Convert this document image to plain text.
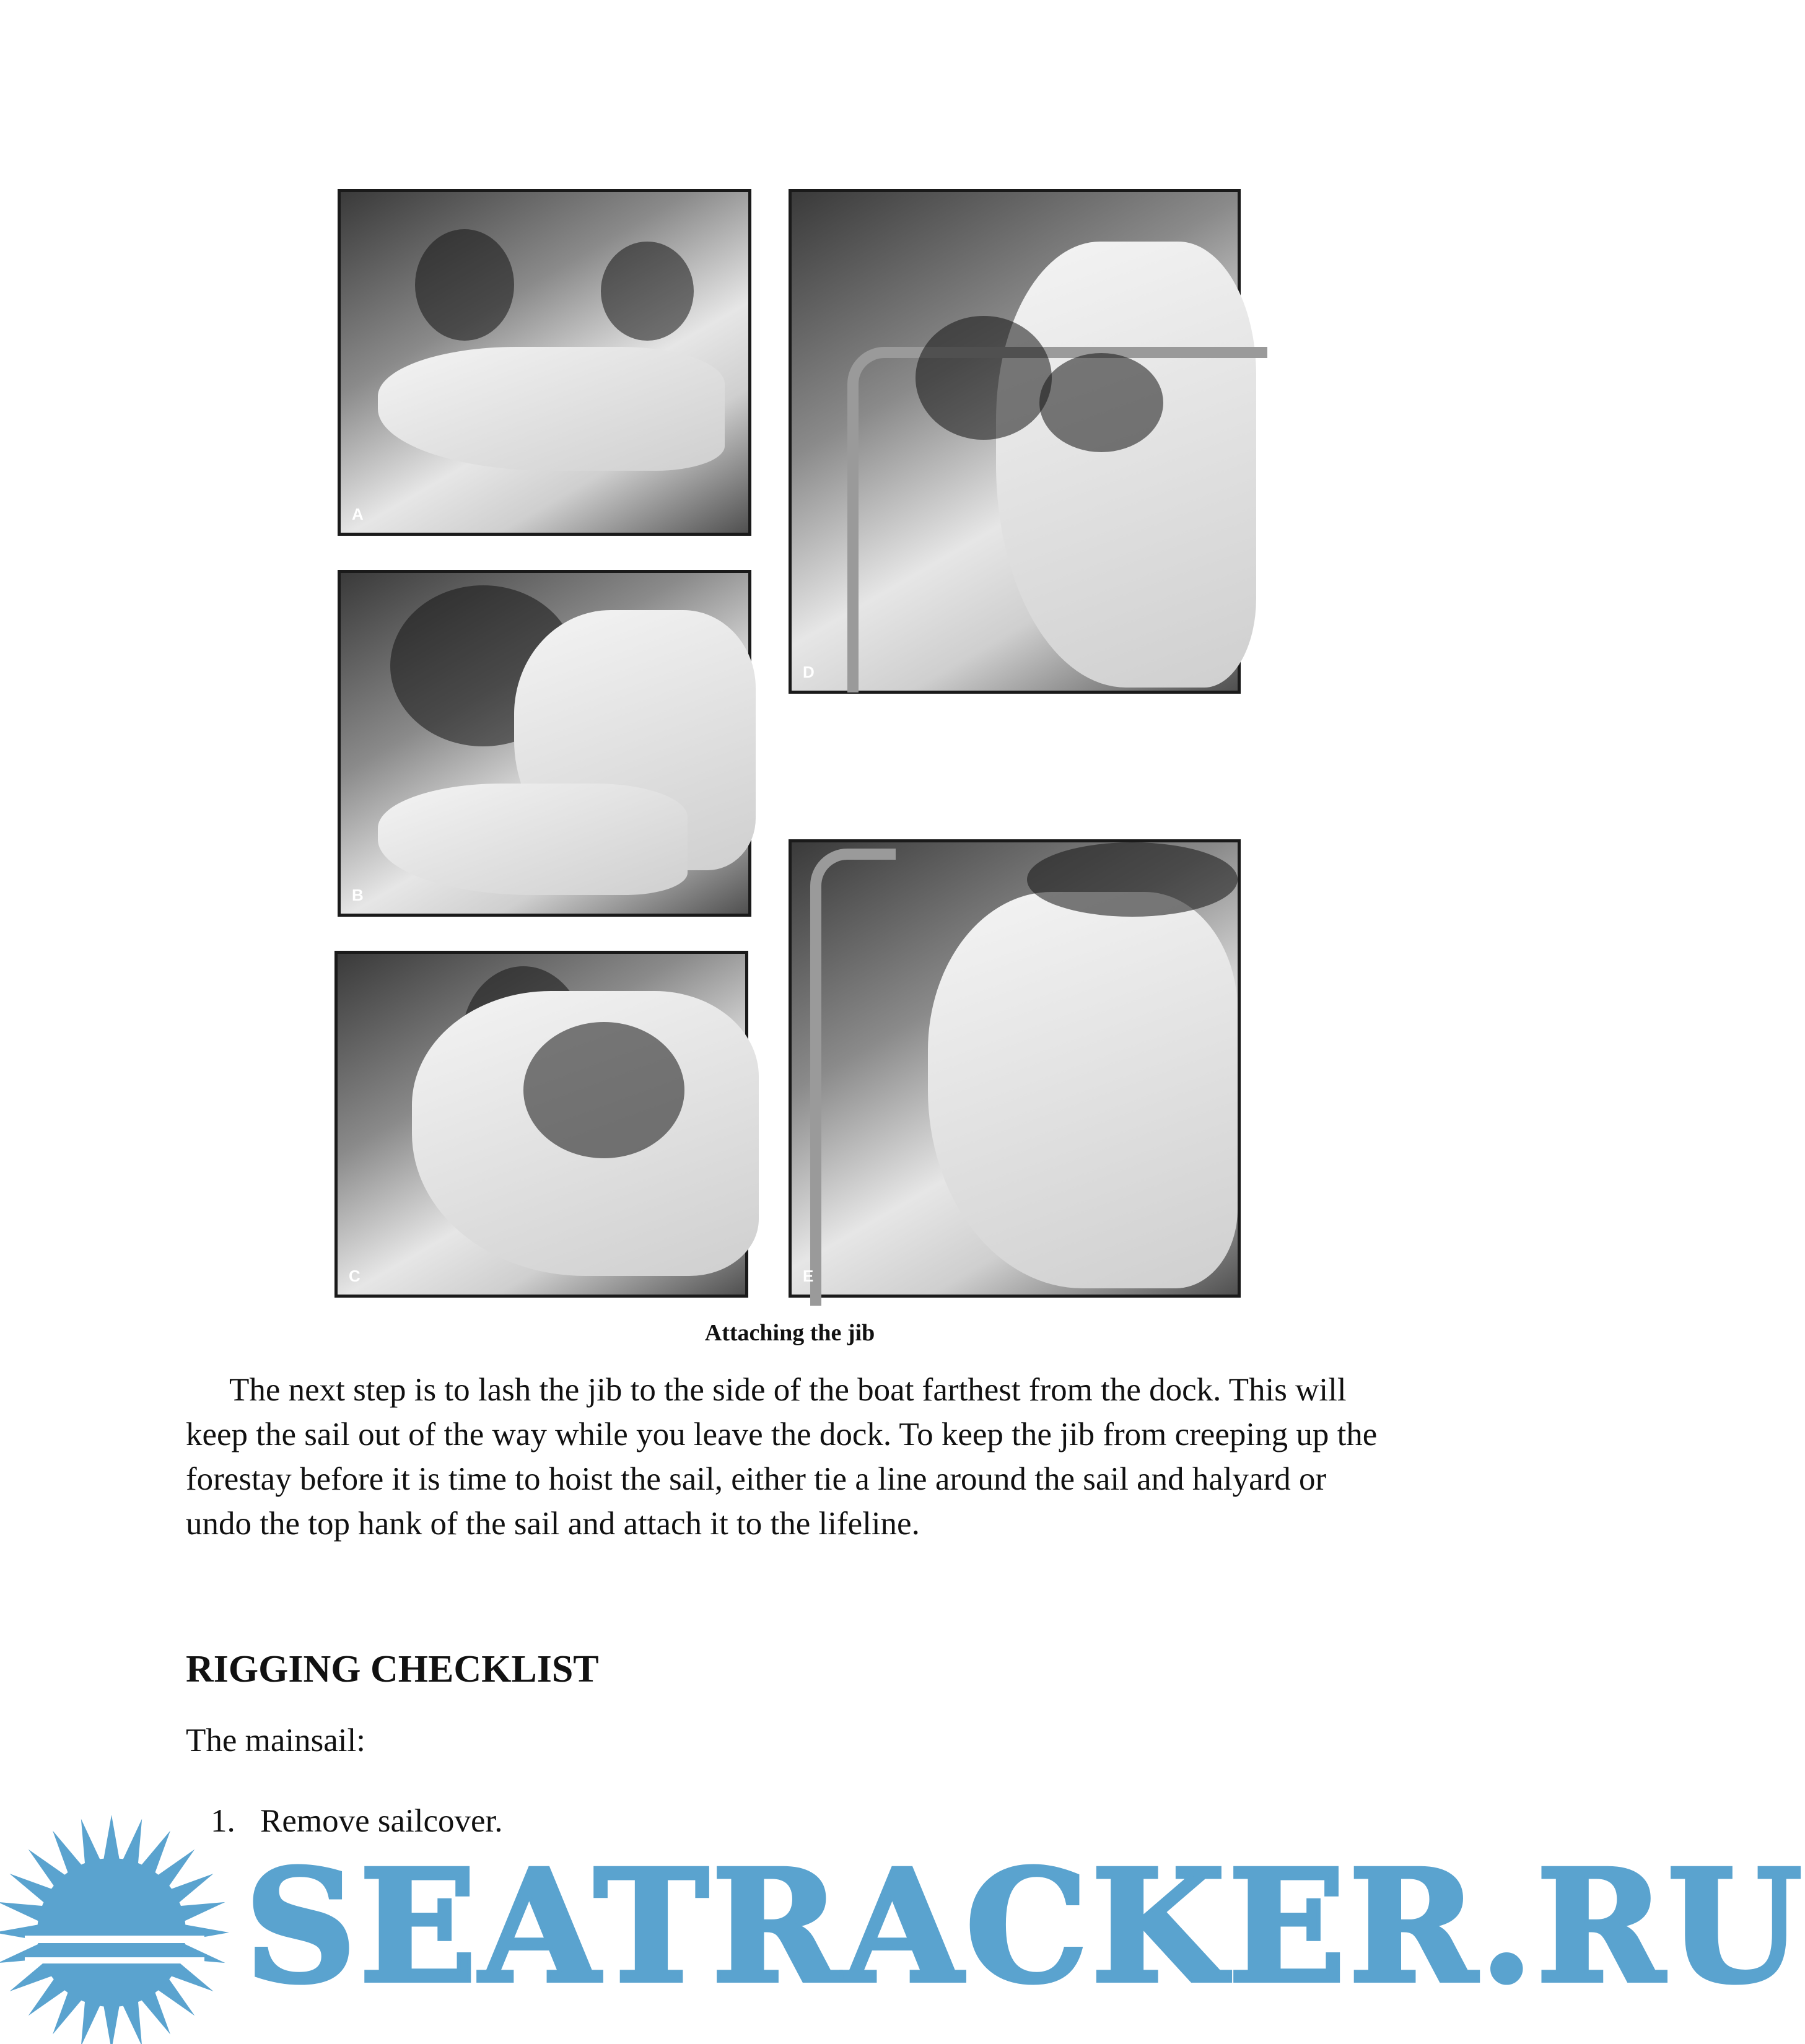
A
B
C
D
E
Attaching the jib

The next step is to lash the jib to the side of the boat farthest from the dock. This will keep the sail out of the way while you leave the dock. To keep the jib from creeping up the forestay before it is time to hoist the sail, either tie a line around the sail and halyard or undo the top hank of the sail and attach it to the lifeline.

RIGGING CHECKLIST

The mainsail:

1. Remove sailcover.
SEATRACKER.RU
